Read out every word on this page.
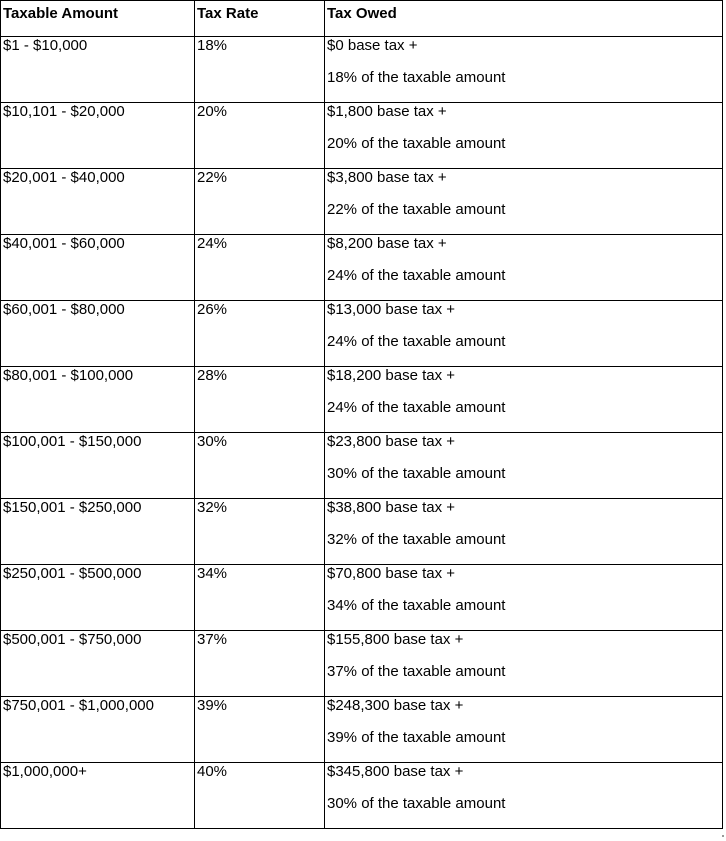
Taxable Amount	Tax Rate	Tax Owed
$1 - $10,000	18%	$0 base tax +
18% of the taxable amount

$10,101 - $20,000	20%	$1,800 base tax +
20% of the taxable amount

$20,001 - $40,000	22%	$3,800 base tax +
22% of the taxable amount

$40,001 - $60,000	24%	$8,200 base tax +
24% of the taxable amount

$60,001 - $80,000	26%	$13,000 base tax +
24% of the taxable amount

$80,001 - $100,000	28%	$18,200 base tax +
24% of the taxable amount

$100,001 - $150,000	30%	$23,800 base tax +
30% of the taxable amount

$150,001 - $250,000	32%	$38,800 base tax +
32% of the taxable amount

$250,001 - $500,000	34%	$70,800 base tax +
34% of the taxable amount

$500,001 - $750,000	37%	$155,800 base tax +
37% of the taxable amount

$750,001 - $1,000,000	39%	$248,300 base tax +
39% of the taxable amount

$1,000,000+	40%	$345,800 base tax +
30% of the taxable amount
